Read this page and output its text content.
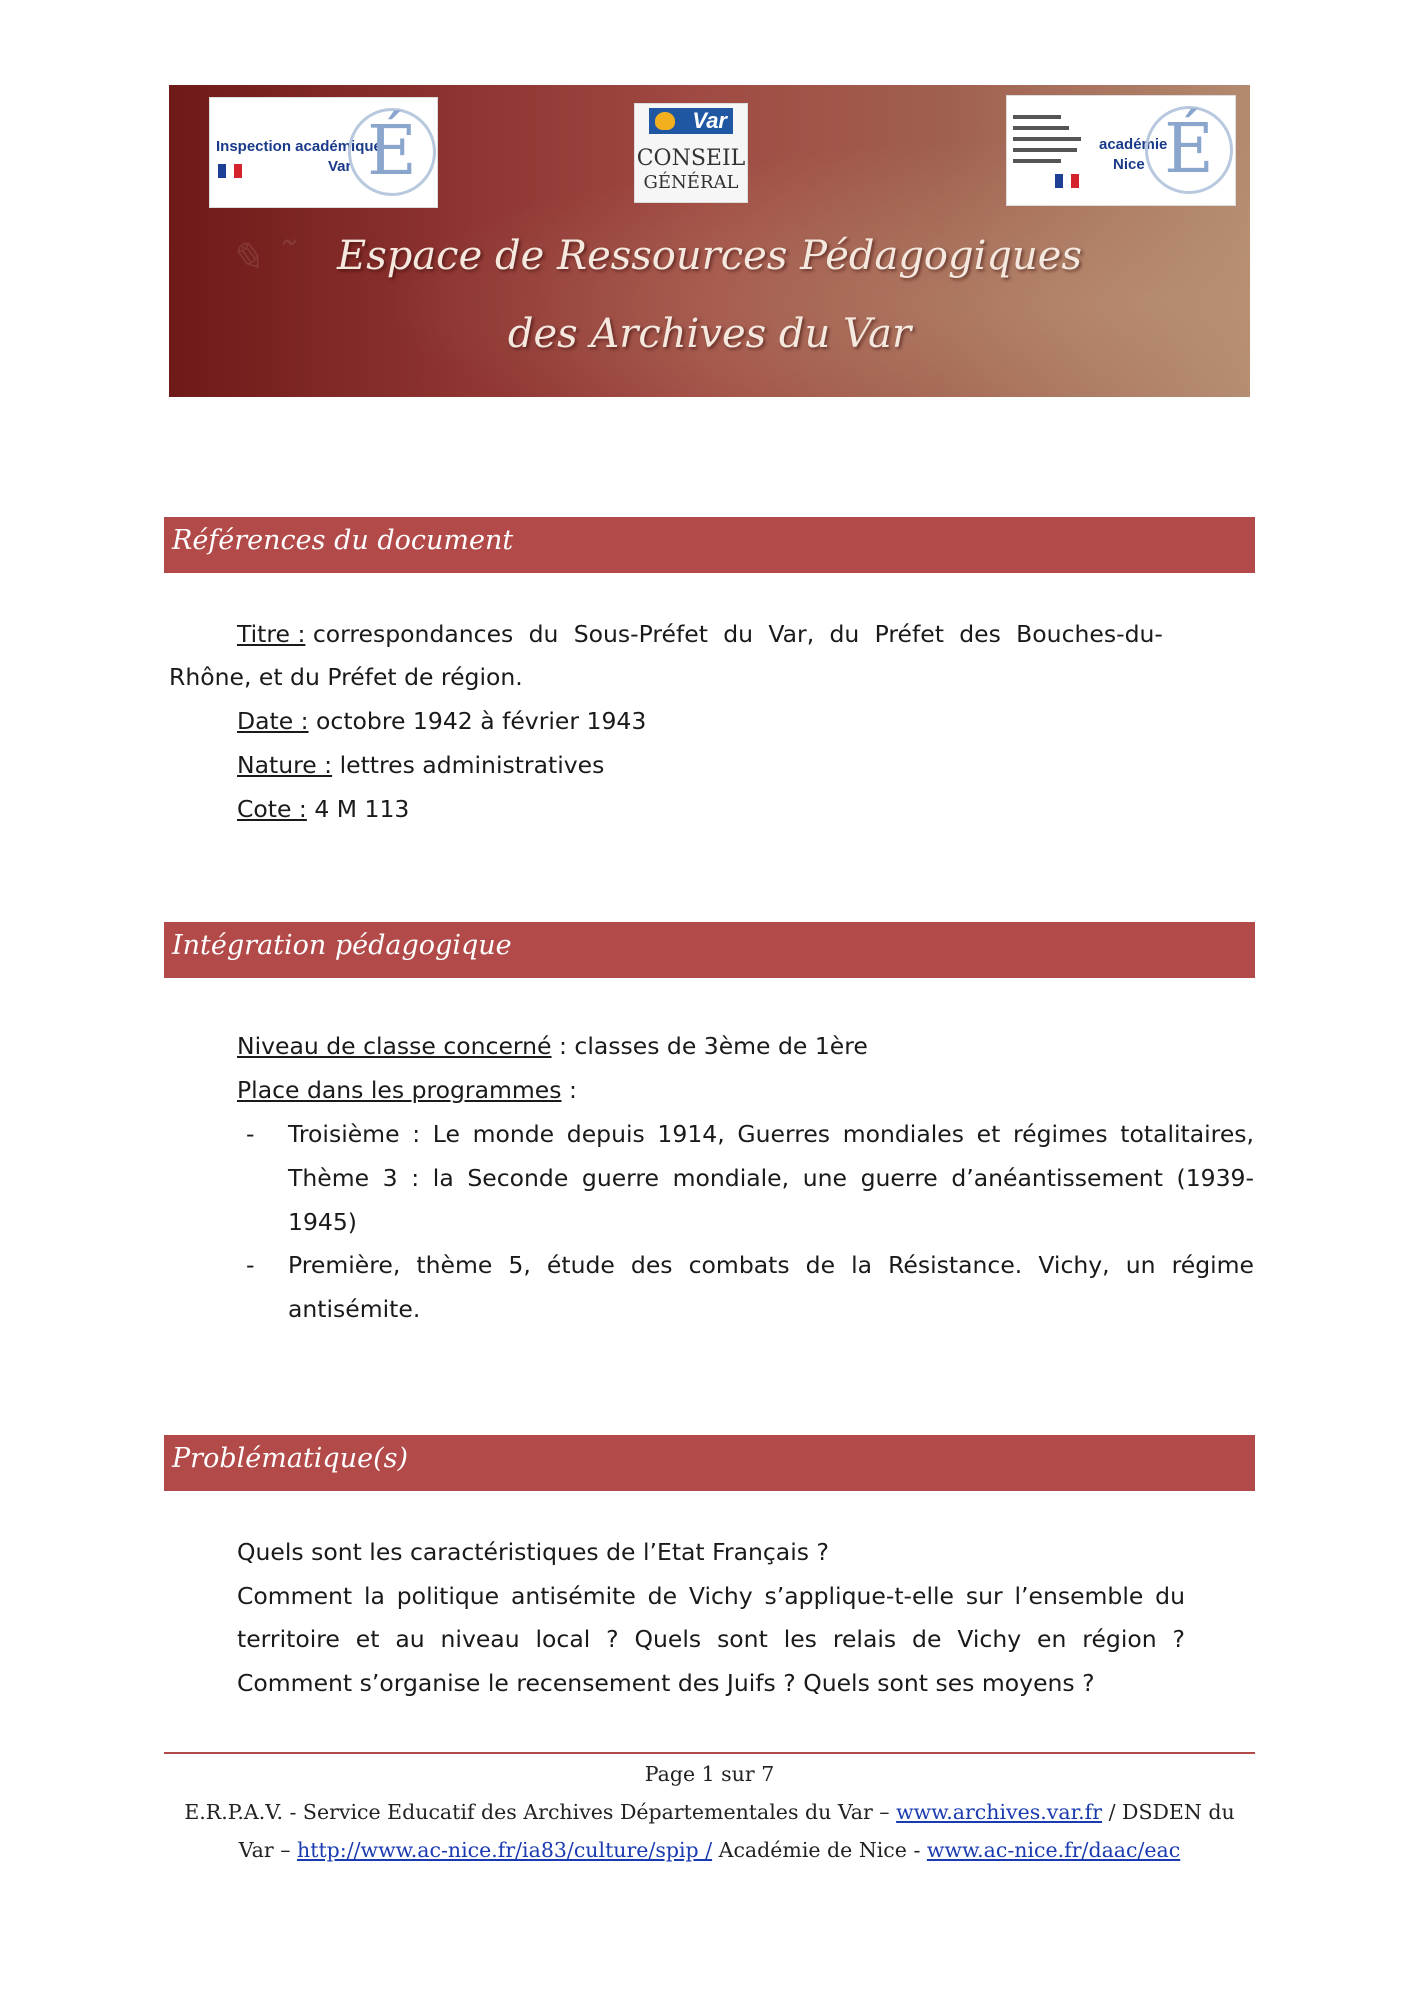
✎ ˜
Inspection académique
Var É	Var
CONSEIL
GÉNÉRAL
académie
Nice É
Espace de Ressources Pédagogiques
des Archives du Var
Références du document
Titre : correspondances du Sous-Préfet du Var, du Préfet des Bouches-du-
Rhône, et du Préfet de région.
Date : octobre 1942 à février 1943
Nature : lettres administratives
Cote : 4 M 113
Intégration pédagogique
Niveau de classe concerné : classes de 3ème de 1ère
Place dans les programmes :
- Troisième : Le monde depuis 1914, Guerres mondiales et régimes totalitaires,
Thème 3 : la Seconde guerre mondiale, une guerre d’anéantissement (1939-
1945)
- Première, thème 5, étude des combats de la Résistance. Vichy, un régime
antisémite.
Problématique(s)
Quels sont les caractéristiques de l’Etat Français ?
Comment la politique antisémite de Vichy s’applique-t-elle sur l’ensemble du
territoire et au niveau local ? Quels sont les relais de Vichy en région ?
Comment s’organise le recensement des Juifs ? Quels sont ses moyens ?
Page 1 sur 7
E.R.P.A.V. - Service Educatif des Archives Départementales du Var – www.archives.var.fr / DSDEN du
Var – http://www.ac-nice.fr/ia83/culture/spip / Académie de Nice - www.ac-nice.fr/daac/eac
